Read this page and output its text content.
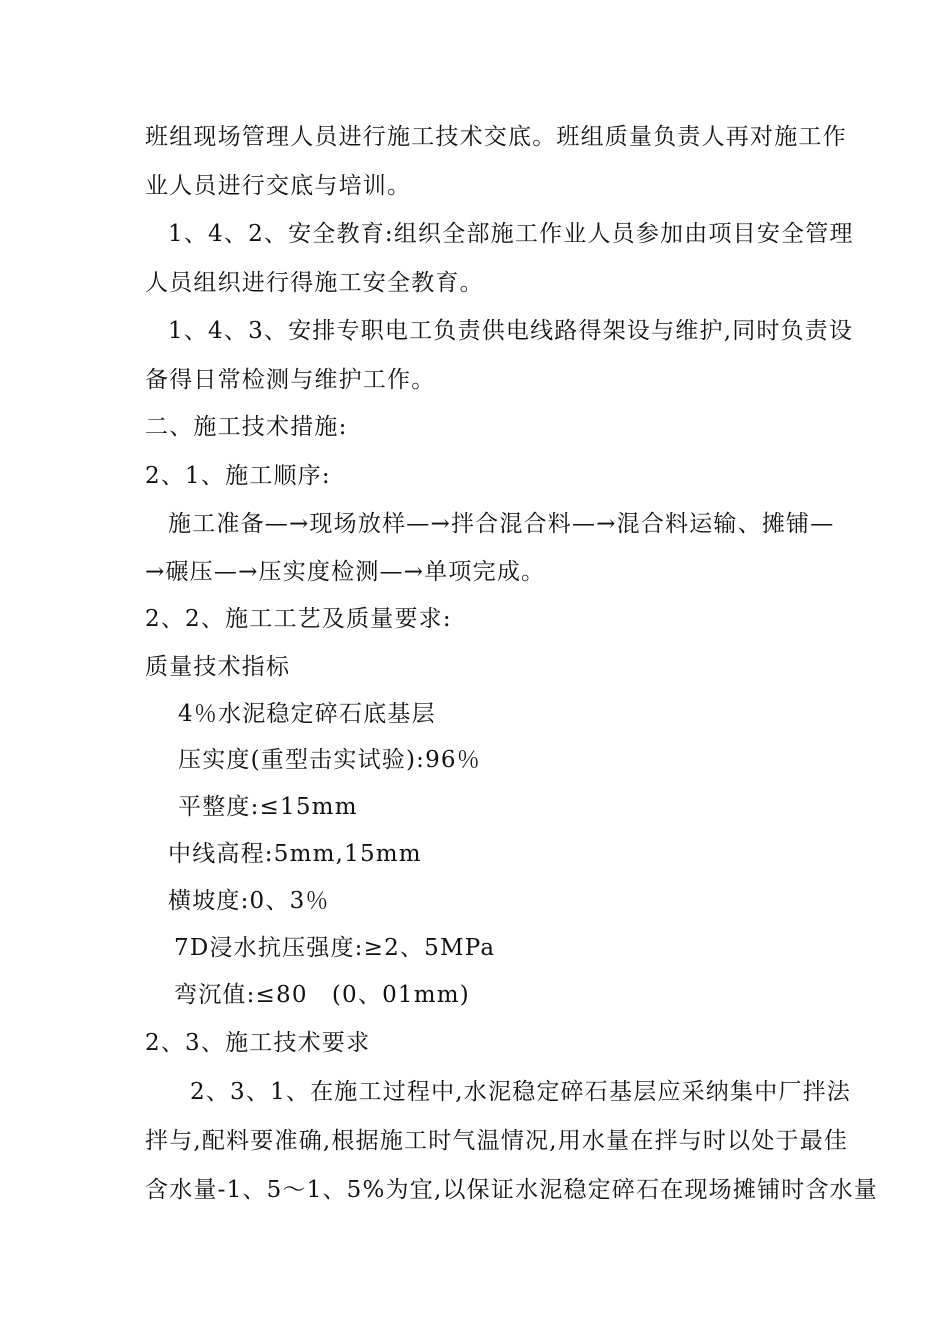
班组现场管理人员进行施工技术交底。班组质量负责人再对施工作
业人员进行交底与培训。
1、4、2、安全教育:组织全部施工作业人员参加由项目安全管理
人员组织进行得施工安全教育。
1、4、3、安排专职电工负责供电线路得架设与维护,同时负责设
备得日常检测与维护工作。
二、施工技术措施:
2、1、施工顺序:
施工准备—→现场放样—→拌合混合料—→混合料运输、摊铺—
→碾压—→压实度检测—→单项完成。
2、2、施工工艺及质量要求:
质量技术指标
4％水泥稳定碎石底基层
压实度(重型击实试验):96％
平整度:≤15mm
中线高程:5mm,15mm
横坡度:0、3％
7D浸水抗压强度:≥2、5MPa
弯沉值:≤80　(0、01mm)
2、3、施工技术要求
2、3、1、在施工过程中,水泥稳定碎石基层应采纳集中厂拌法
拌与,配料要准确,根据施工时气温情况,用水量在拌与时以处于最佳
含水量-1、5～1、5%为宜,以保证水泥稳定碎石在现场摊铺时含水量
